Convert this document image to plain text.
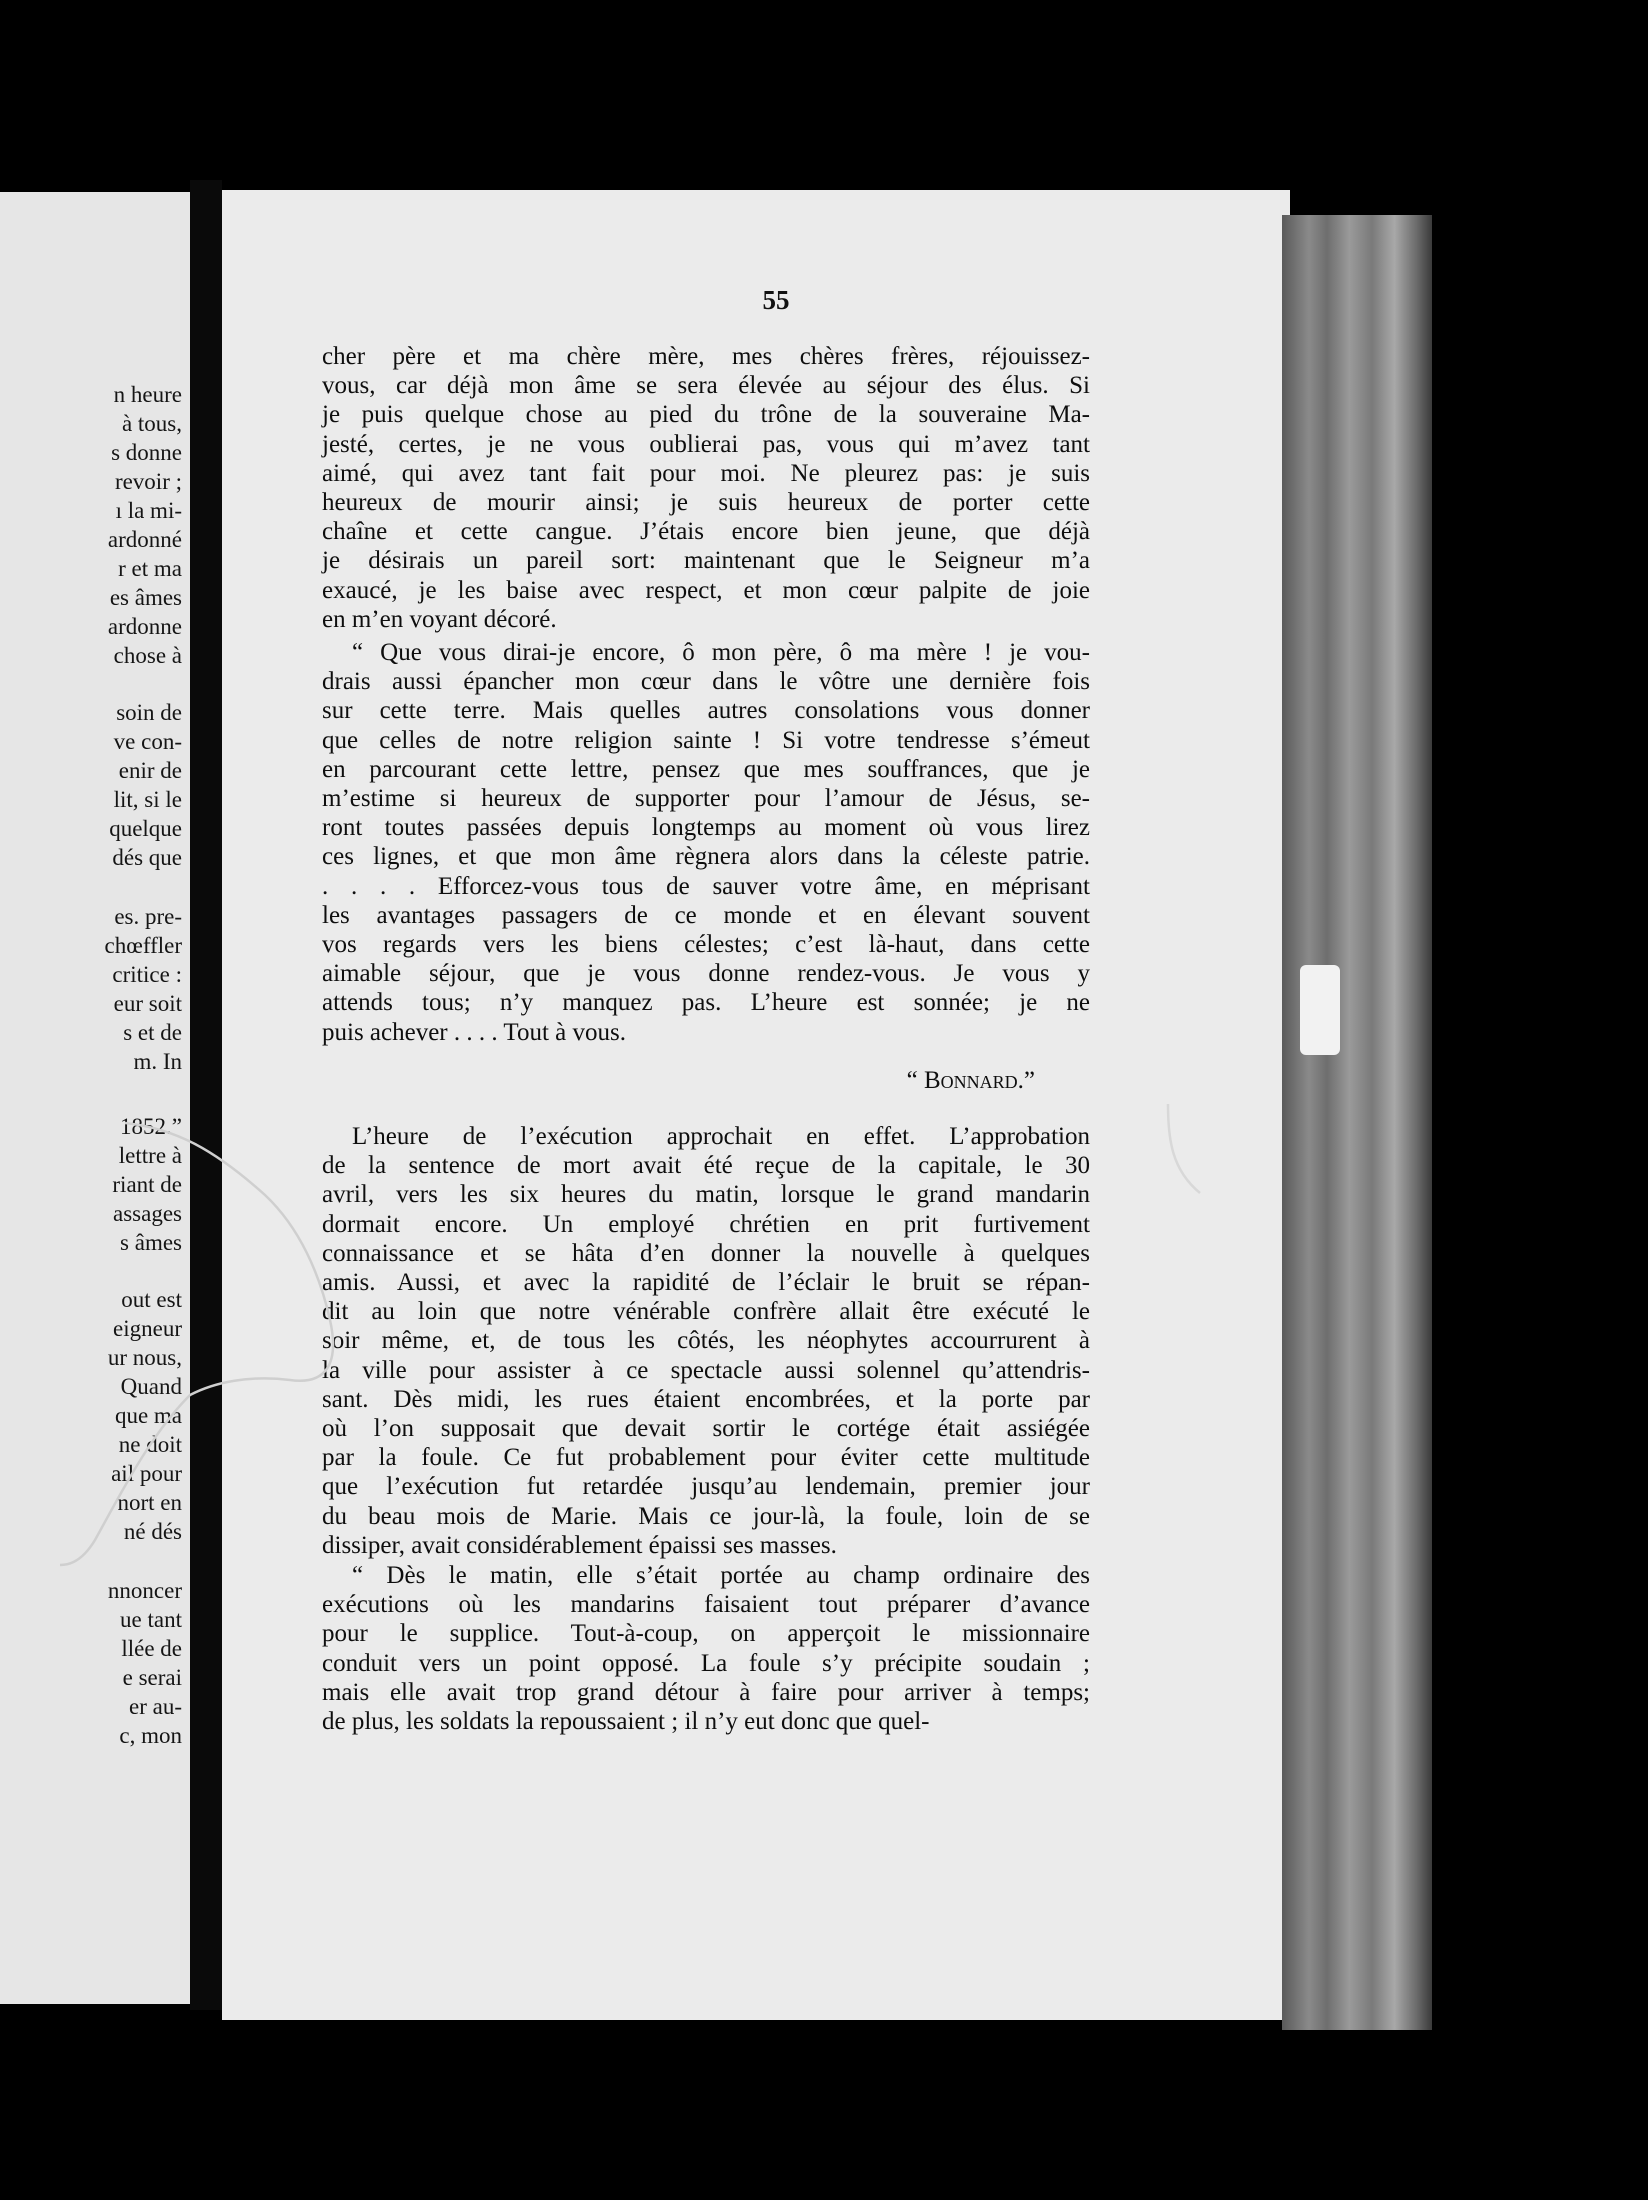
n heure
à tous,
s donne
revoir ;
ı la mi-
ardonné
r et ma
es âmes
ardonne
chose à
soin de
ve con-
enir de
lit, si le
quelque
dés que
es. pre-
chœffler
critice :
eur soit
s et de
m. In
1852.”
lettre à
riant de
assages
s âmes
out est
eigneur
ur nous,
Quand
que ma
ne doit
ail pour
nort en
né dés
nnoncer
ue tant
llée de
e serai
er au-
c, mon
55
cher père et ma chère mère, mes chères frères, réjouissez-
vous, car déjà mon âme se sera élevée au séjour des élus. Si
je puis quelque chose au pied du trône de la souveraine Ma-
jesté, certes, je ne vous oublierai pas, vous qui m’avez tant
aimé, qui avez tant fait pour moi. Ne pleurez pas: je suis
heureux de mourir ainsi; je suis heureux de porter cette
chaîne et cette cangue. J’étais encore bien jeune, que déjà
je désirais un pareil sort: maintenant que le Seigneur m’a
exaucé, je les baise avec respect, et mon cœur palpite de joie
en m’en voyant décoré.
“ Que vous dirai-je encore, ô mon père, ô ma mère ! je vou-
drais aussi épancher mon cœur dans le vôtre une dernière fois
sur cette terre. Mais quelles autres consolations vous donner
que celles de notre religion sainte ! Si votre tendresse s’émeut
en parcourant cette lettre, pensez que mes souffrances, que je
m’estime si heureux de supporter pour l’amour de Jésus, se-
ront toutes passées depuis longtemps au moment où vous lirez
ces lignes, et que mon âme règnera alors dans la céleste patrie.
. . . . Efforcez-vous tous de sauver votre âme, en méprisant
les avantages passagers de ce monde et en élevant souvent
vos regards vers les biens célestes; c’est là-haut, dans cette
aimable séjour, que je vous donne rendez-vous. Je vous y
attends tous; n’y manquez pas. L’heure est sonnée; je ne
puis achever . . . . Tout à vous.
“ Bonnard.”
L’heure de l’exécution approchait en effet. L’approbation
de la sentence de mort avait été reçue de la capitale, le 30
avril, vers les six heures du matin, lorsque le grand mandarin
dormait encore. Un employé chrétien en prit furtivement
connaissance et se hâta d’en donner la nouvelle à quelques
amis. Aussi, et avec la rapidité de l’éclair le bruit se répan-
dit au loin que notre vénérable confrère allait être exécuté le
soir même, et, de tous les côtés, les néophytes accourrurent à
la ville pour assister à ce spectacle aussi solennel qu’attendris-
sant. Dès midi, les rues étaient encombrées, et la porte par
où l’on supposait que devait sortir le cortége était assiégée
par la foule. Ce fut probablement pour éviter cette multitude
que l’exécution fut retardée jusqu’au lendemain, premier jour
du beau mois de Marie. Mais ce jour-là, la foule, loin de se
dissiper, avait considérablement épaissi ses masses.
“ Dès le matin, elle s’était portée au champ ordinaire des
exécutions où les mandarins faisaient tout préparer d’avance
pour le supplice. Tout-à-coup, on apperçoit le missionnaire
conduit vers un point opposé. La foule s’y précipite soudain ;
mais elle avait trop grand détour à faire pour arriver à temps;
de plus, les soldats la repoussaient ; il n’y eut donc que quel-
